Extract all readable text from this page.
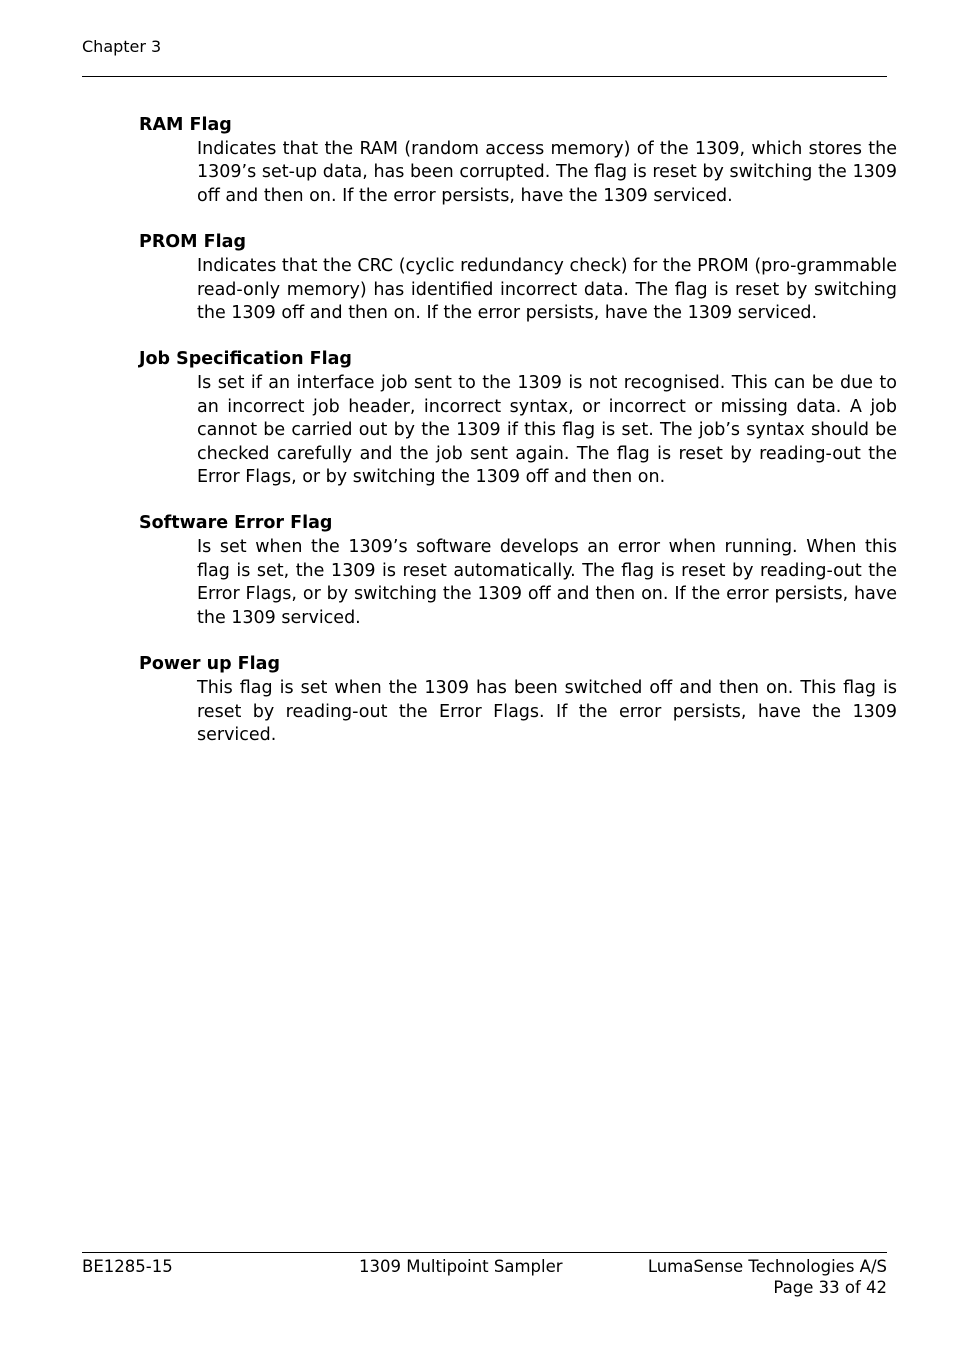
Chapter 3

RAM Flag

Indicates that the RAM (random access memory) of the 1309, which stores the 1309’s set-up data, has been corrupted. The flag is reset by switching the 1309 off and then on. If the error persists, have the 1309 serviced.

PROM Flag

Indicates that the CRC (cyclic redundancy check) for the PROM (pro-grammable read-only memory) has identified incorrect data. The flag is reset by switching the 1309 off and then on. If the error persists, have the 1309 serviced.

Job Specification Flag

Is set if an interface job sent to the 1309 is not recognised. This can be due to an incorrect job header, incorrect syntax, or incorrect or missing data. A job cannot be carried out by the 1309 if this flag is set. The job’s syntax should be checked carefully and the job sent again. The flag is reset by reading-out the Error Flags, or by switching the 1309 off and then on.

Software Error Flag

Is set when the 1309’s software develops an error when running. When this flag is set, the 1309 is reset automatically. The flag is reset by reading-out the Error Flags, or by switching the 1309 off and then on. If the error persists, have the 1309 serviced.

Power up Flag

This flag is set when the 1309 has been switched off and then on. This flag is reset by reading-out the Error Flags. If the error persists, have the 1309 serviced.

BE1285-15	1309 Multipoint Sampler	LumaSense Technologies A/S
Page 33 of 42
